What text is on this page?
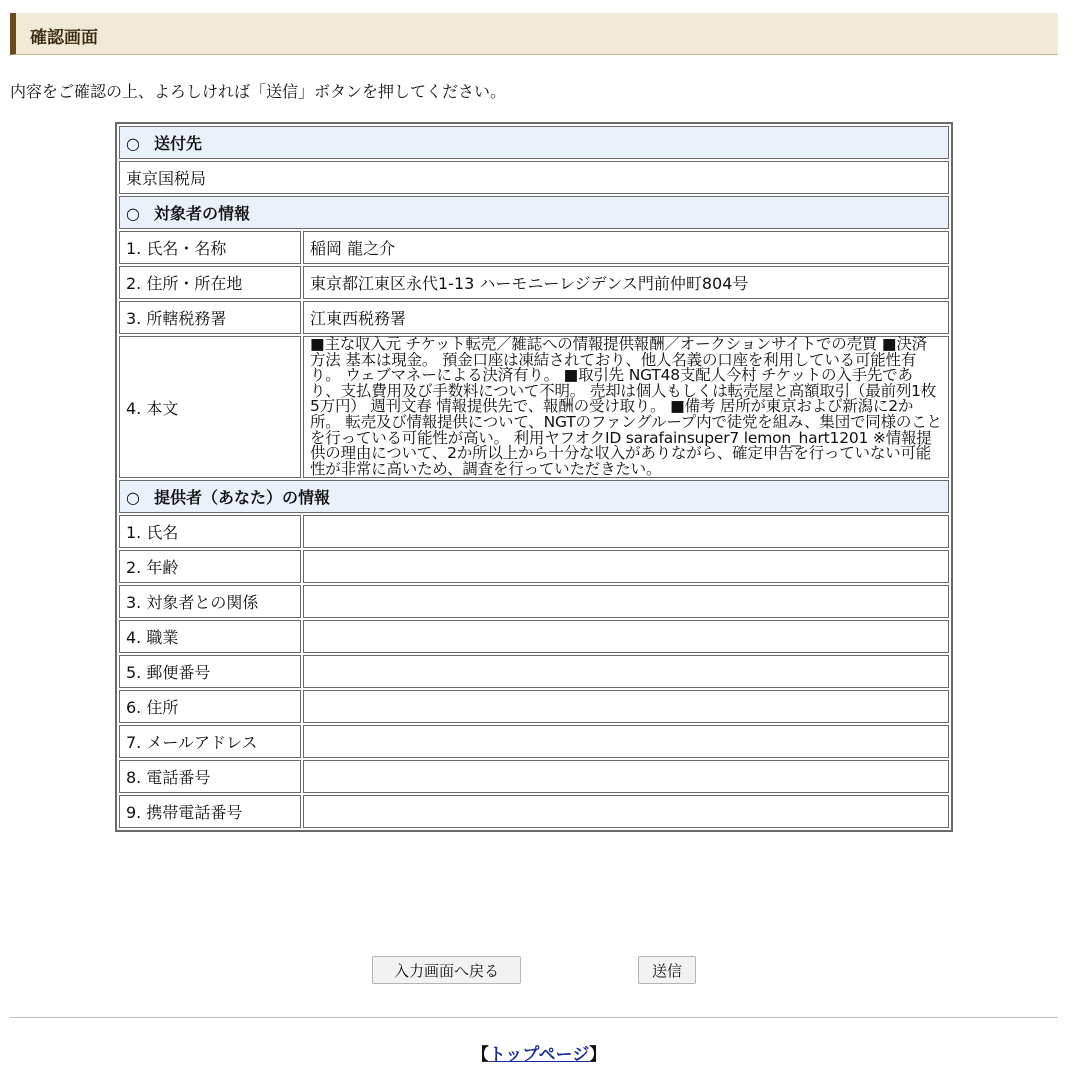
確認画面
内容をご確認の上、よろしければ「送信」ボタンを押してください。
○ 送付先	
東京国税局	
○ 対象者の情報	
1. 氏名・名称	稲岡 龍之介
2. 住所・所在地	東京都江東区永代1-13 ハーモニーレジデンス門前仲町804号
3. 所轄税務署	江東西税務署
4. 本文	■主な収入元 チケット転売／雑誌への情報提供報酬／オークションサイトでの売買 ■決済方法 基本は現金。 預金口座は凍結されており、他人名義の口座を利用している可能性有り。 ウェブマネーによる決済有り。 ■取引先 NGT48支配人今村 チケットの入手先であり、支払費用及び手数料について不明。 売却は個人もしくは転売屋と高額取引（最前列1枚5万円） 週刊文春 情報提供先で、報酬の受け取り。 ■備考 居所が東京および新潟に2か所。 転売及び情報提供について、NGTのファングループ内で徒党を組み、集団で同様のことを行っている可能性が高い。 利用ヤフオクID sarafainsuper7 lemon_hart1201 ※情報提供の理由について、2か所以上から十分な収入がありながら、確定申告を行っていない可能性が非常に高いため、調査を行っていただきたい。
○ 提供者（あなた）の情報	
1. 氏名	
2. 年齢	
3. 対象者との関係	
4. 職業	
5. 郵便番号	
6. 住所	
7. メールアドレス	
8. 電話番号	
9. 携帯電話番号	
入力画面へ戻る	送信
【トップページ】
